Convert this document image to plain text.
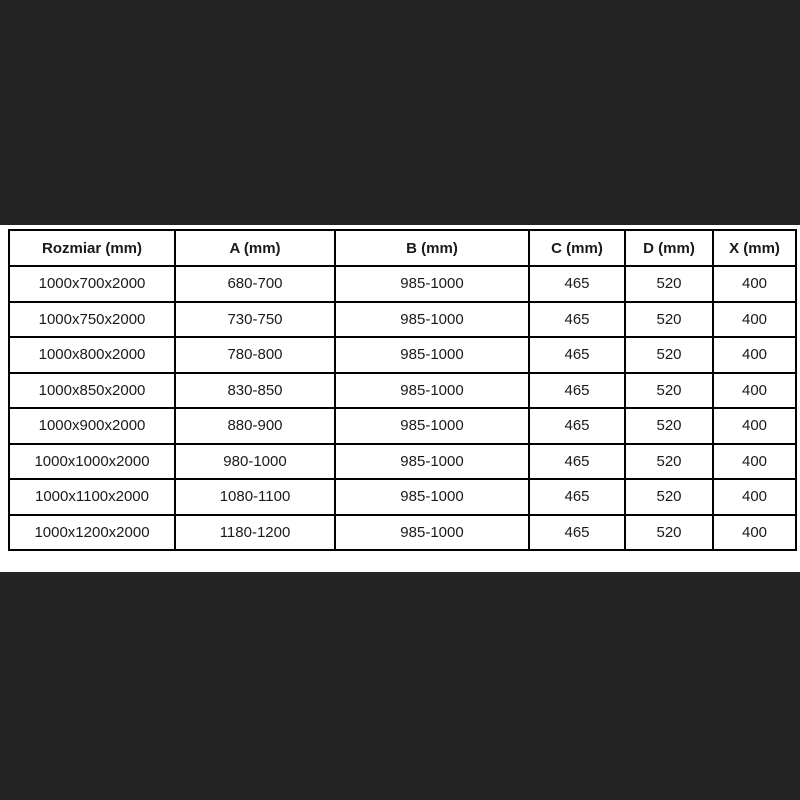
Rozmiar (mm)	A (mm)	B (mm)	C (mm)	D (mm)	X (mm)
1000x700x2000	680-700	985-1000	465	520	400
1000x750x2000	730-750	985-1000	465	520	400
1000x800x2000	780-800	985-1000	465	520	400
1000x850x2000	830-850	985-1000	465	520	400
1000x900x2000	880-900	985-1000	465	520	400
1000x1000x2000	980-1000	985-1000	465	520	400
1000x1100x2000	1080-1100	985-1000	465	520	400
1000x1200x2000	1180-1200	985-1000	465	520	400
